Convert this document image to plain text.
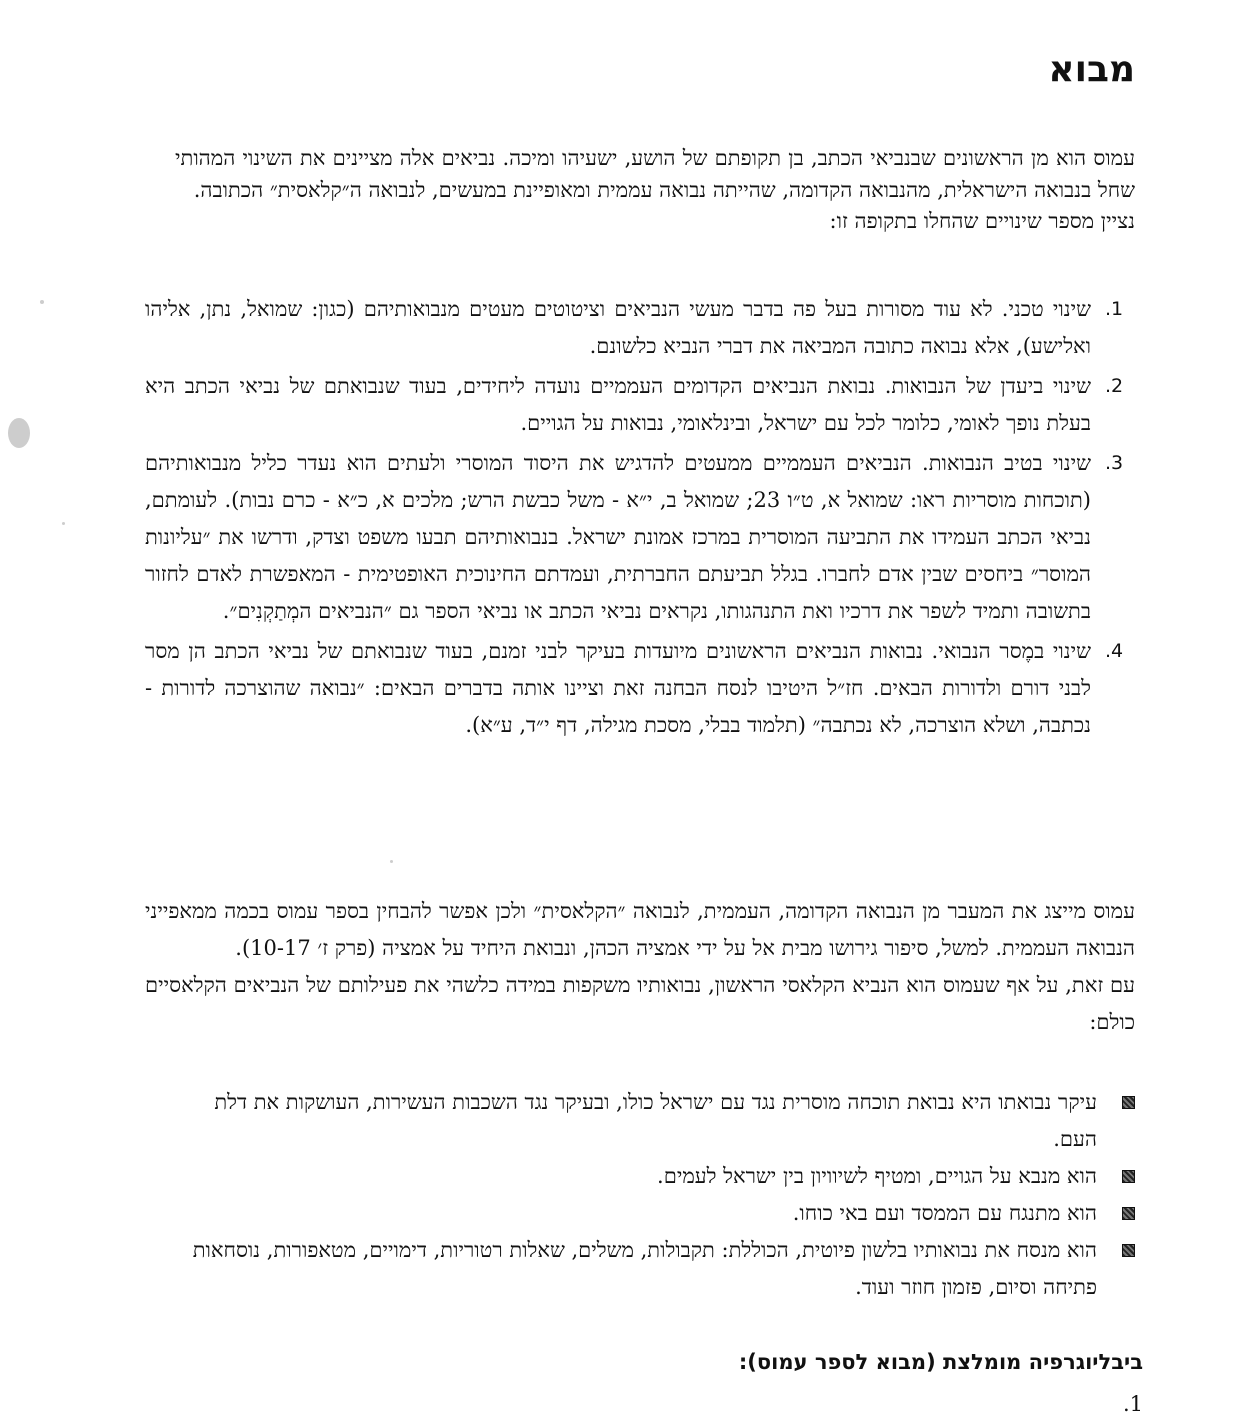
מבוא

עמוס הוא מן הראשונים שבנביאי הכתב, בן תקופתם של הושע, ישעיהו ומיכה. נביאים אלה מציינים את השינוי המהותי שחל בנבואה הישראלית, מהנבואה הקדומה, שהייתה נבואה עממית ומאופיינת במעשים, לנבואה ה״קלאסית״ הכתובה.

נציין מספר שינויים שהחלו בתקופה זו:

1.
שינוי טכני. לא עוד מסורות בעל פה בדבר מעשי הנביאים וציטוטים מעטים מנבואותיהם (כגון: שמואל, נתן, אליהו ואלישע), אלא נבואה כתובה המביאה את דברי הנביא כלשונם.
2.
שינוי ביעדן של הנבואות. נבואת הנביאים הקדומים העממיים נועדה ליחידים, בעוד שנבואתם של נביאי הכתב היא בעלת נופך לאומי, כלומר לכל עם ישראל, ובינלאומי, נבואות על הגויים.
3.
שינוי בטיב הנבואות. הנביאים העממיים ממעטים להדגיש את היסוד המוסרי ולעתים הוא נעדר כליל מנבואותיהם (תוכחות מוסריות ראו: שמואל א, ט״ו 23; שמואל ב, י״א - משל כבשת הרש; מלכים א, כ״א - כרם נבות). לעומתם, נביאי הכתב העמידו את התביעה המוסרית במרכז אמונת ישראל. בנבואותיהם תבעו משפט וצדק, ודרשו את ״עליונות המוסר״ ביחסים שבין אדם לחברו. בגלל תביעתם החברתית, ועמדתם החינוכית האופטימית - המאפשרת לאדם לחזור בתשובה ותמיד לשפר את דרכיו ואת התנהגותו, נקראים נביאי הכתב או נביאי הספר גם ״הנביאים המְתַקְנִים״.
4.
שינוי במֶסר הנבואי. נבואות הנביאים הראשונים מיועדות בעיקר לבני זמנם, בעוד שנבואתם של נביאי הכתב הן מסר לבני דורם ולדורות הבאים. חז״ל היטיבו לנסח הבחנה זאת וציינו אותה בדברים הבאים: ״נבואה שהוצרכה לדורות - נכתבה, ושלא הוצרכה, לא נכתבה״ (תלמוד בבלי, מסכת מגילה, דף י״ד, ע״א).

עמוס מייצג את המעבר מן הנבואה הקדומה, העממית, לנבואה ״הקלאסית״ ולכן אפשר להבחין בספר עמוס בכמה ממאפייני הנבואה העממית. למשל, סיפור גירושו מבית אל על ידי אמציה הכהן, ונבואת היחיד על אמציה (פרק ז׳ 10-17).

עם זאת, על אף שעמוס הוא הנביא הקלאסי הראשון, נבואותיו משקפות במידה כלשהי את פעילותם של הנביאים הקלאסיים כולם:

עיקר נבואתו היא נבואת תוכחה מוסרית נגד עם ישראל כולו, ובעיקר נגד השכבות העשירות, העושקות את דלת העם.
הוא מנבא על הגויים, ומטיף לשיוויון בין ישראל לעמים.
הוא מתנגח עם הממסד ועם באי כוחו.
הוא מנסח את נבואותיו בלשון פיוטית, הכוללת: תקבולות, משלים, שאלות רטוריות, דימויים, מטאפורות, נוסחאות פתיחה וסיום, פזמון חוזר ועוד.
ביבליוגרפיה מומלצת (מבוא לספר עמוס):
1.
